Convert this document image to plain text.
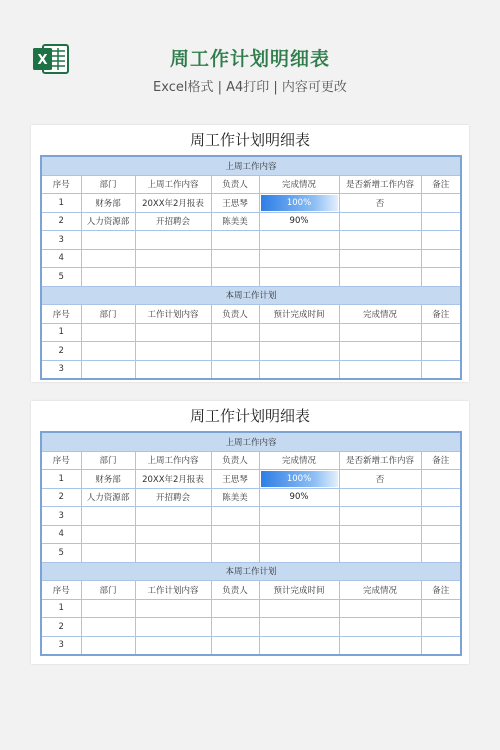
X	周工作计划明细表
Excel格式 | A4打印 | 内容可更改
周工作计划明细表
上周工作内容						
序号	部门	上周工作内容	负责人	完成情况	是否新增工作内容	备注
1	财务部	20XX年2月报表	王思琴	100%	否	
2	人力资源部	开招聘会	陈美美	90%		
3						
4						
5						
本周工作计划						
序号	部门	工作计划内容	负责人	预计完成时间	完成情况	备注
1						
2						
3						
周工作计划明细表
上周工作内容						
序号	部门	上周工作内容	负责人	完成情况	是否新增工作内容	备注
1	财务部	20XX年2月报表	王思琴	100%	否	
2	人力资源部	开招聘会	陈美美	90%		
3						
4						
5						
本周工作计划						
序号	部门	工作计划内容	负责人	预计完成时间	完成情况	备注
1						
2						
3						
